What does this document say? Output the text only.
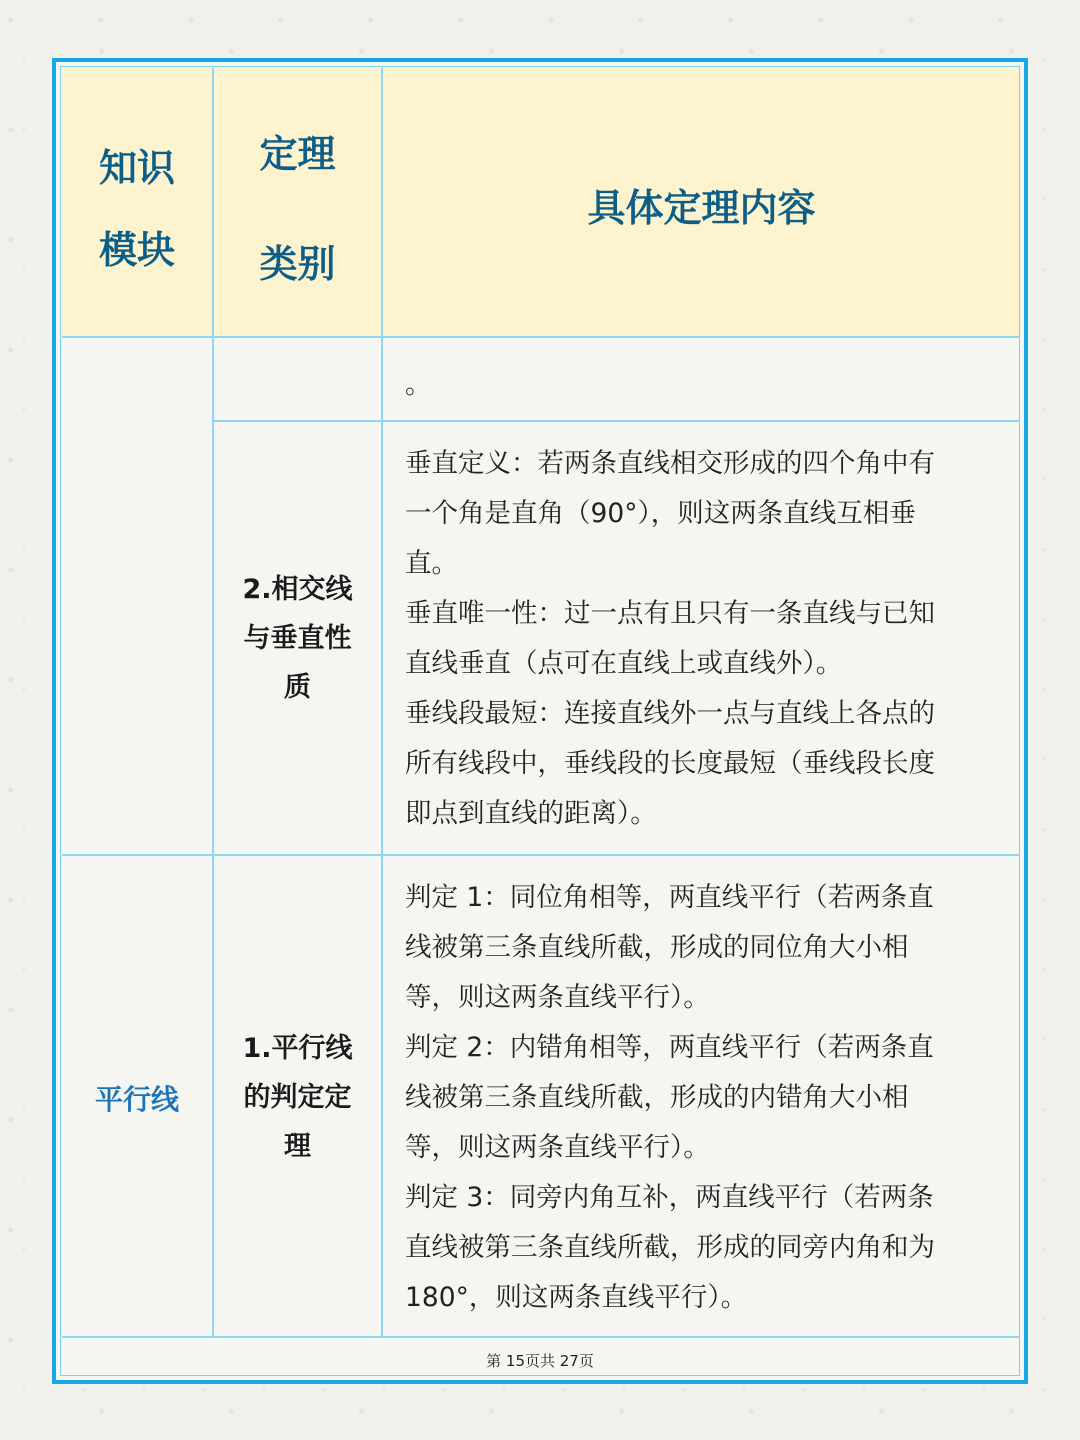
知识
模块
定理
类别
具体定理内容
。
2.相交线
与垂直性
质
垂直定义：若两条直线相交形成的四个角中有
一个角是直角（90°），则这两条直线互相垂
直。
垂直唯一性：过一点有且只有一条直线与已知
直线垂直（点可在直线上或直线外）。
垂线段最短：连接直线外一点与直线上各点的
所有线段中，垂线段的长度最短（垂线段长度
即点到直线的距离）。
平行线
1.平行线
的判定定
理
判定 1：同位角相等，两直线平行（若两条直
线被第三条直线所截，形成的同位角大小相
等，则这两条直线平行）。
判定 2：内错角相等，两直线平行（若两条直
线被第三条直线所截，形成的内错角大小相
等，则这两条直线平行）。
判定 3：同旁内角互补，两直线平行（若两条
直线被第三条直线所截，形成的同旁内角和为
180°，则这两条直线平行）。
第 15页共 27页
